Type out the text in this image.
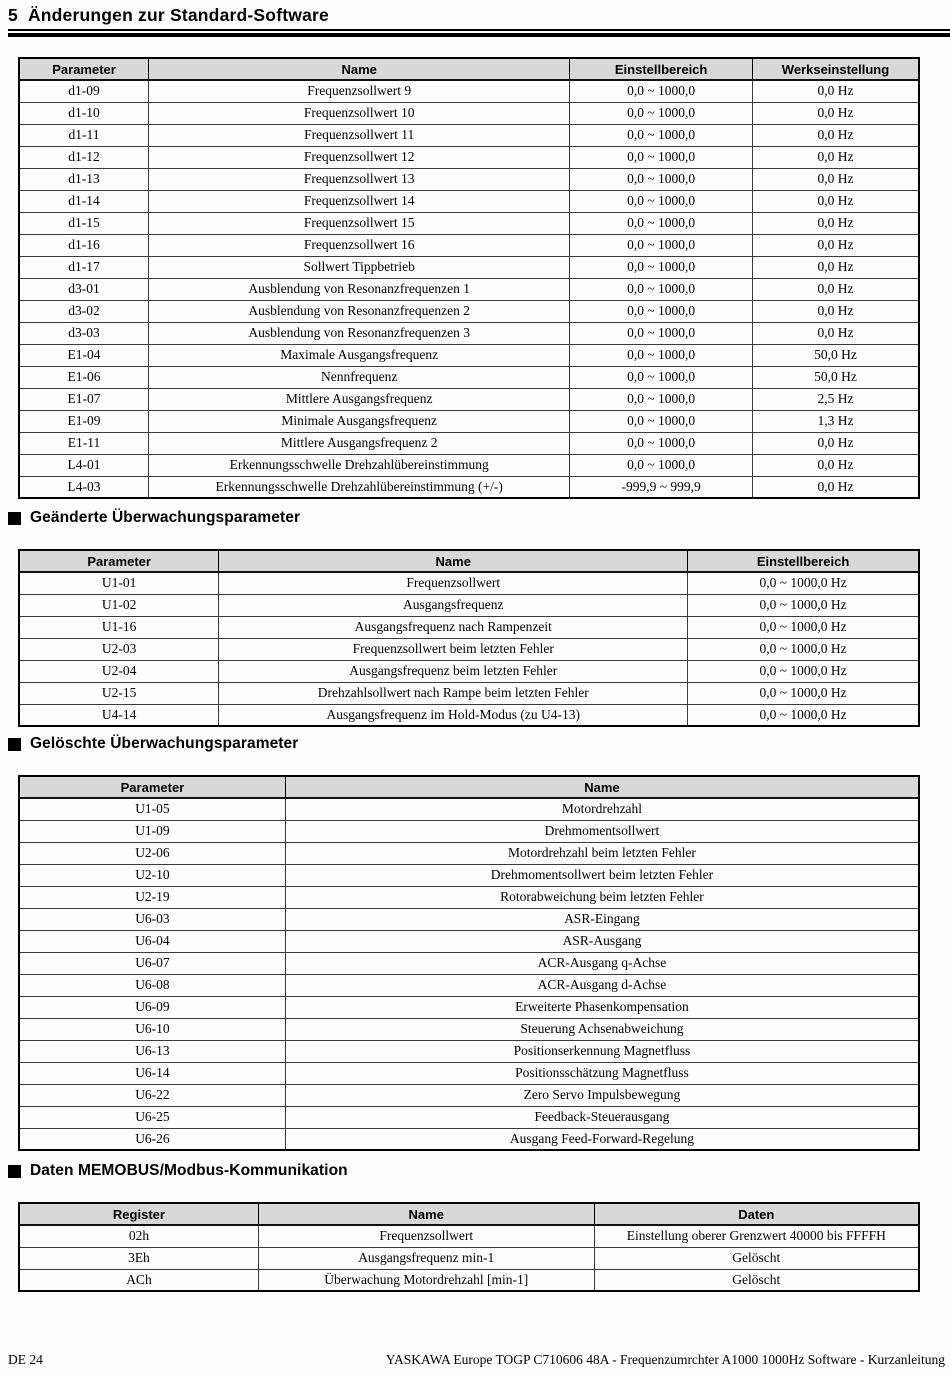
5 Änderungen zur Standard-Software
Parameter	Name	Einstellbereich	Werkseinstellung
d1-09	Frequenzsollwert 9	0,0 ~ 1000,0	0,0 Hz
d1-10	Frequenzsollwert 10	0,0 ~ 1000,0	0,0 Hz
d1-11	Frequenzsollwert 11	0,0 ~ 1000,0	0,0 Hz
d1-12	Frequenzsollwert 12	0,0 ~ 1000,0	0,0 Hz
d1-13	Frequenzsollwert 13	0,0 ~ 1000,0	0,0 Hz
d1-14	Frequenzsollwert 14	0,0 ~ 1000,0	0,0 Hz
d1-15	Frequenzsollwert 15	0,0 ~ 1000,0	0,0 Hz
d1-16	Frequenzsollwert 16	0,0 ~ 1000,0	0,0 Hz
d1-17	Sollwert Tippbetrieb	0,0 ~ 1000,0	0,0 Hz
d3-01	Ausblendung von Resonanzfrequenzen 1	0,0 ~ 1000,0	0,0 Hz
d3-02	Ausblendung von Resonanzfrequenzen 2	0,0 ~ 1000,0	0,0 Hz
d3-03	Ausblendung von Resonanzfrequenzen 3	0,0 ~ 1000,0	0,0 Hz
E1-04	Maximale Ausgangsfrequenz	0,0 ~ 1000,0	50,0 Hz
E1-06	Nennfrequenz	0,0 ~ 1000,0	50,0 Hz
E1-07	Mittlere Ausgangsfrequenz	0,0 ~ 1000,0	2,5 Hz
E1-09	Minimale Ausgangsfrequenz	0,0 ~ 1000,0	1,3 Hz
E1-11	Mittlere Ausgangsfrequenz 2	0,0 ~ 1000,0	0,0 Hz
L4-01	Erkennungsschwelle Drehzahlübereinstimmung	0,0 ~ 1000,0	0,0 Hz
L4-03	Erkennungsschwelle Drehzahlübereinstimmung (+/-)	-999,9 ~ 999,9	0,0 Hz
Geänderte Überwachungsparameter
Parameter	Name	Einstellbereich
U1-01	Frequenzsollwert	0,0 ~ 1000,0 Hz
U1-02	Ausgangsfrequenz	0,0 ~ 1000,0 Hz
U1-16	Ausgangsfrequenz nach Rampenzeit	0,0 ~ 1000,0 Hz
U2-03	Frequenzsollwert beim letzten Fehler	0,0 ~ 1000,0 Hz
U2-04	Ausgangsfrequenz beim letzten Fehler	0,0 ~ 1000,0 Hz
U2-15	Drehzahlsollwert nach Rampe beim letzten Fehler	0,0 ~ 1000,0 Hz
U4-14	Ausgangsfrequenz im Hold-Modus (zu U4-13)	0,0 ~ 1000,0 Hz
Gelöschte Überwachungsparameter
Parameter	Name
U1-05	Motordrehzahl
U1-09	Drehmomentsollwert
U2-06	Motordrehzahl beim letzten Fehler
U2-10	Drehmomentsollwert beim letzten Fehler
U2-19	Rotorabweichung beim letzten Fehler
U6-03	ASR-Eingang
U6-04	ASR-Ausgang
U6-07	ACR-Ausgang q-Achse
U6-08	ACR-Ausgang d-Achse
U6-09	Erweiterte Phasenkompensation
U6-10	Steuerung Achsenabweichung
U6-13	Positionserkennung Magnetfluss
U6-14	Positionsschätzung Magnetfluss
U6-22	Zero Servo Impulsbewegung
U6-25	Feedback-Steuerausgang
U6-26	Ausgang Feed-Forward-Regelung
Daten MEMOBUS/Modbus-Kommunikation
Register	Name	Daten
02h	Frequenzsollwert	Einstellung oberer Grenzwert 40000 bis FFFFH
3Eh	Ausgangsfrequenz min-1	Gelöscht
ACh	Überwachung Motordrehzahl [min-1]	Gelöscht
DE 24	YASKAWA Europe TOGP C710606 48A - Frequenzumrchter A1000 1000Hz Software - Kurzanleitung
